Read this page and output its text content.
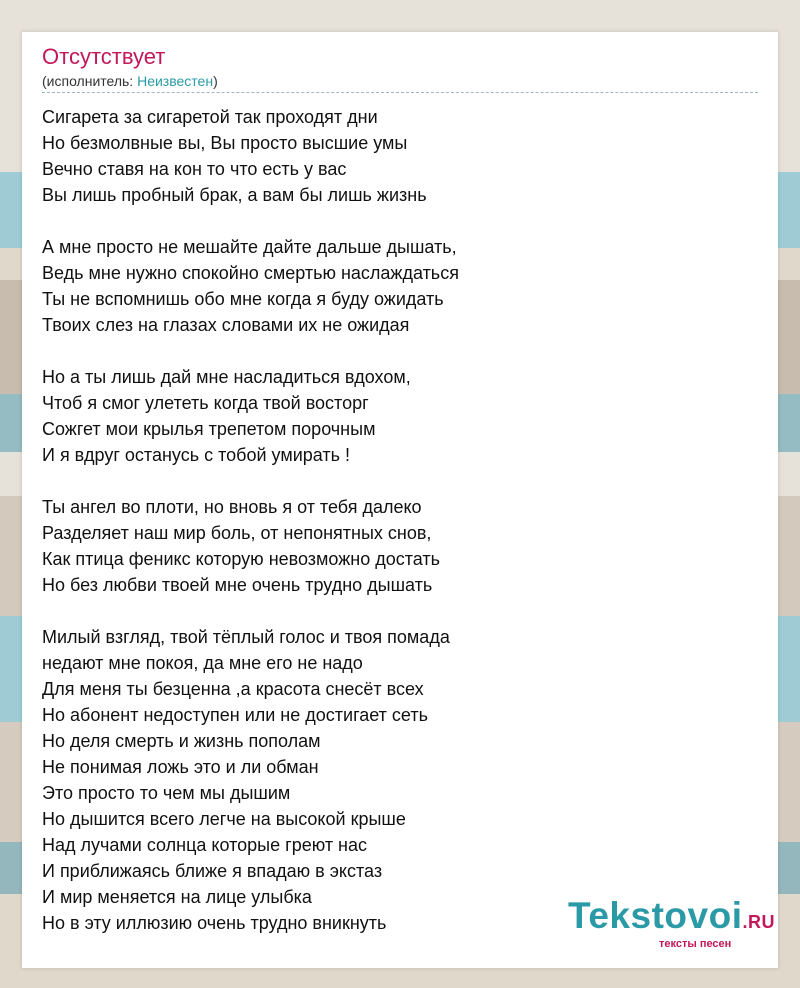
Отсутствует
(исполнитель: Неизвестен)
Сигарета за сигаретой так проходят дни
Но безмолвные вы, Вы просто высшие умы
Вечно ставя на кон то что есть у вас
Вы лишь пробный брак, а вам бы лишь жизнь
А мне просто не мешайте дайте дальше дышать,
Ведь мне нужно спокойно смертью наслаждаться
Ты не вспомнишь обо мне когда я буду ожидать
Твоих слез на глазах словами их не ожидая
Но а ты лишь дай мне насладиться вдохом,
Чтоб я смог улететь когда твой восторг
Сожгет мои крылья трепетом порочным
И я вдруг останусь с тобой умирать !
Ты ангел во плоти, но вновь я от тебя далеко
Разделяет наш мир боль, от непонятных снов,
Как птица феникс которую невозможно достать
Но без любви твоей мне очень трудно дышать
Милый взгляд, твой тёплый голос и твоя помада
недают мне покоя, да мне его не надо
Для меня ты безценна ,а красота снесёт всех
Но абонент недоступен или не достигает сеть
Но деля смерть и жизнь пополам
Не понимая ложь это и ли обман
Это просто то чем мы дышим
Но дышится всего легче на высокой крыше
Над лучами солнца которые греют нас
И приближаясь ближе я впадаю в экстаз
И мир меняется на лице улыбка
Но в эту иллюзию очень трудно вникнуть	Tekstovoi.RU
тексты песен
